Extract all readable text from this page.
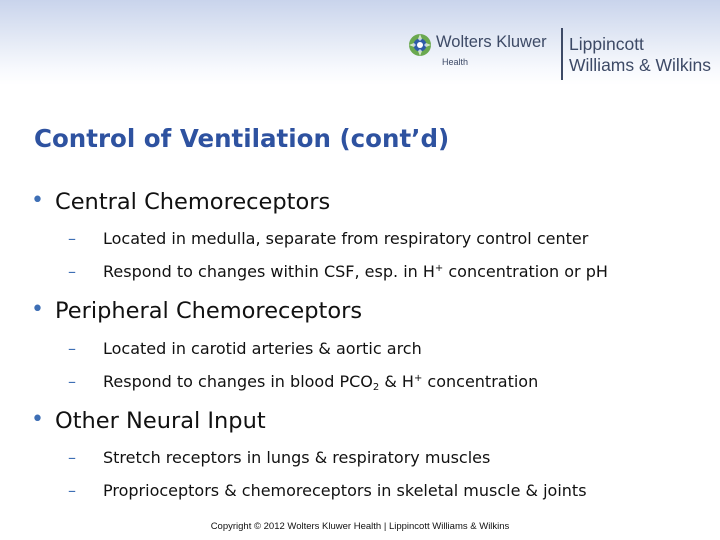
Wolters Kluwer
Health
Lippincott
Williams & Wilkins
Control of Ventilation (cont’d)
• Central Chemoreceptors
– Located in medulla, separate from respiratory control center
– Respond to changes within CSF, esp. in H+ concentration or pH
• Peripheral Chemoreceptors
– Located in carotid arteries & aortic arch
– Respond to changes in blood $PCO_2$ & H+ concentration
• Other Neural Input
– Stretch receptors in lungs & respiratory muscles
– Proprioceptors & chemoreceptors in skeletal muscle & joints
Copyright © 2012 Wolters Kluwer Health | Lippincott Williams & Wilkins
